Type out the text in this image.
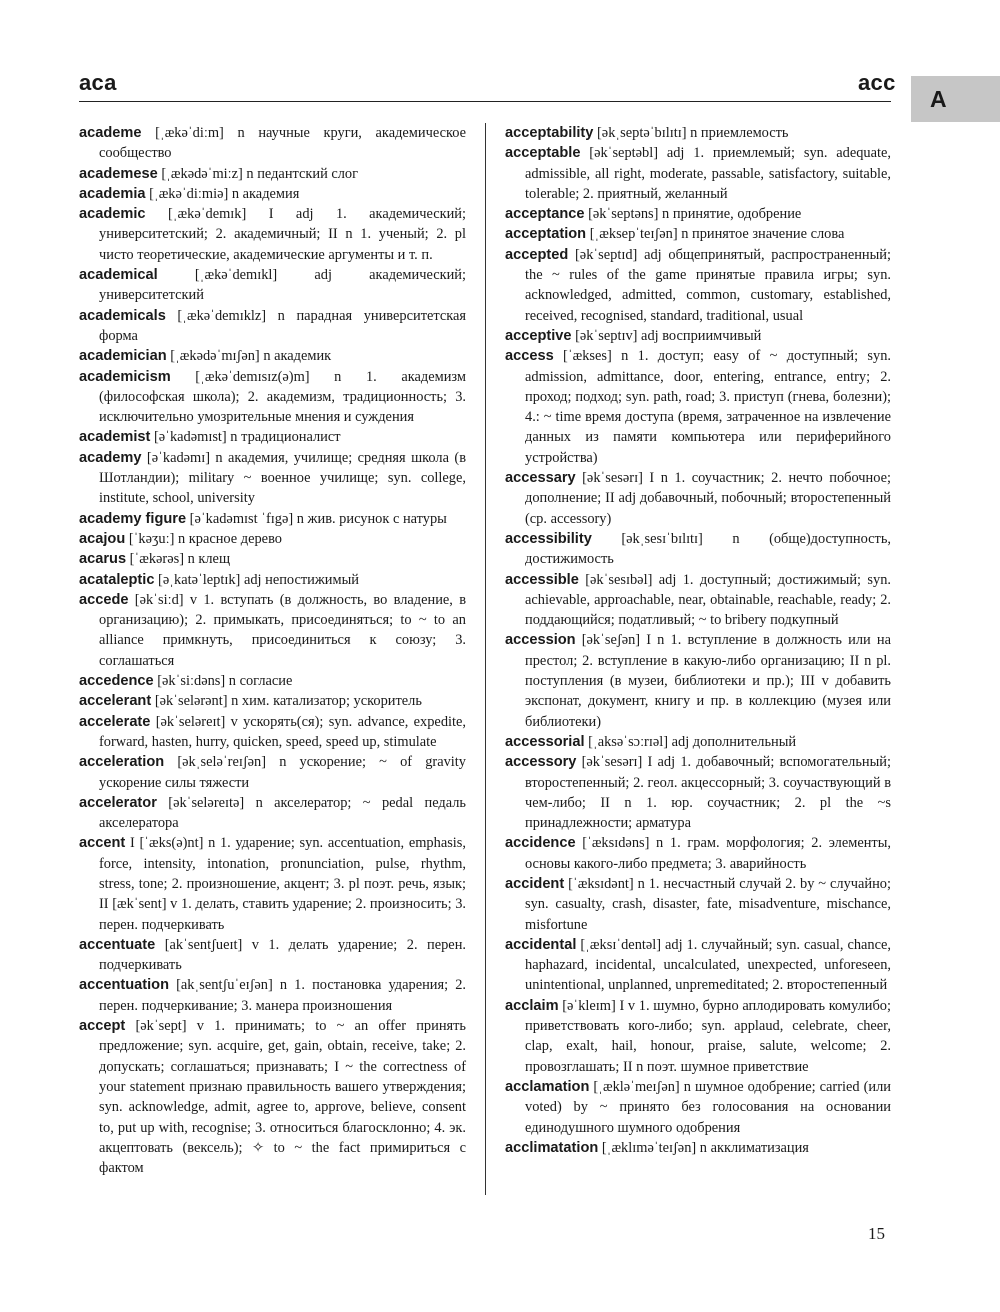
aca	acc
A
academe [ˌækəˈdiːm] n научные круги, академическое сообщество
academese [ˌækədəˈmiːz] n педантский слог
academia [ˌækəˈdiːmiə] n академия
academic [ˌækəˈdemɪk] I adj 1. академический; университетский; 2. академичный; II n 1. ученый; 2. pl чисто теоретические, академические аргументы и т. п.
academical [ˌækəˈdemɪkl] adj академический; университетский
academicals [ˌækəˈdemɪklz] n парадная университетская форма
academician [ˌækədəˈmɪʃən] n академик
academicism [ˌækəˈdemɪsɪz(ə)m] n 1. академизм (философская школа); 2. академизм, традиционность; 3. исключительно умозрительные мнения и суждения
academist [əˈkadəmɪst] n традиционалист
academy [əˈkadəmɪ] n академия, училище; средняя школа (в Шотландии); military ~ военное училище; syn. college, institute, school, university
academy figure [əˈkadəmɪst ˈfɪgə] n жив. рисунок с натуры
acajou [ˈkəʒuː] n красное дерево
acarus [ˈækərəs] n клещ
acataleptic [əˌkatəˈleptɪk] adj непостижимый
accede [əkˈsiːd] v 1. вступать (в должность, во владение, в организацию); 2. примыкать, присоединяться; to ~ to an alliance примкнуть, присоединиться к союзу; 3. соглашаться
accedence [əkˈsiːdəns] n согласие
accelerant [əkˈselərənt] n хим. катализатор; ускоритель
accelerate [əkˈseləreɪt] v ускорять(ся); syn. advance, expedite, forward, hasten, hurry, quicken, speed, speed up, stimulate
acceleration [əkˌseləˈreɪʃən] n ускорение; ~ of gravity ускорение силы тяжести
accelerator [əkˈseləreɪtə] n акселератор; ~ pedal педаль акселератора
accent I [ˈæks(ə)nt] n 1. ударение; syn. accentuation, emphasis, force, intensity, intonation, pronunciation, pulse, rhythm, stress, tone; 2. произношение, акцент; 3. pl поэт. речь, язык; II [ækˈsent] v 1. делать, ставить ударение; 2. произносить; 3. перен. подчеркивать
accentuate [akˈsentʃueɪt] v 1. делать ударение; 2. перен. подчеркивать
accentuation [akˌsentʃuˈeɪʃən] n 1. постановка ударения; 2. перен. подчеркивание; 3. манера произношения
accept [əkˈsept] v 1. принимать; to ~ an offer принять предложение; syn. acquire, get, gain, obtain, receive, take; 2. допускать; соглашаться; признавать; I ~ the correctness of your statement признаю правильность вашего утверждения; syn. acknowledge, admit, agree to, approve, believe, consent to, put up with, recognise; 3. относиться благосклонно; 4. эк. акцептовать (вексель); ✧ to ~ the fact примириться с фактом
acceptability [əkˌseptəˈbɪlɪtɪ] n приемлемость
acceptable [əkˈseptəbl] adj 1. приемлемый; syn. adequate, admissible, all right, moderate, passable, satisfactory, suitable, tolerable; 2. приятный, желанный
acceptance [əkˈseptəns] n принятие, одобрение
acceptation [ˌæksepˈteɪʃən] n принятое значение слова
accepted [əkˈseptɪd] adj общепринятый, распространенный; the ~ rules of the game принятые правила игры; syn. acknowledged, admitted, common, customary, established, received, recognised, standard, traditional, usual
acceptive [əkˈseptɪv] adj восприимчивый
access [ˈækses] n 1. доступ; easy of ~ доступный; syn. admission, admittance, door, entering, entrance, entry; 2. проход; подход; syn. path, road; 3. приступ (гнева, болезни); 4.: ~ time время доступа (время, затраченное на извлечение данных из памяти компьютера или периферийного устройства)
accessary [əkˈsesərɪ] I n 1. соучастник; 2. нечто побочное; дополнение; II adj добавочный, побочный; второстепенный (ср. accessory)
accessibility [əkˌsesɪˈbɪlɪtɪ] n (обще)доступность, достижимость
accessible [əkˈsesɪbəl] adj 1. доступный; достижимый; syn. achievable, approachable, near, obtainable, reachable, ready; 2. поддающийся; податливый; ~ to bribery подкупный
accession [əkˈseʃən] I n 1. вступление в должность или на престол; 2. вступление в какую-либо организацию; II n pl. поступления (в музеи, библиотеки и пр.); III v добавить экспонат, документ, книгу и пр. в коллекцию (музея или библиотеки)
accessorial [ˌaksəˈsɔːrɪəl] adj дополнительный
accessory [əkˈsesərɪ] I adj 1. добавочный; вспомогательный; второстепенный; 2. геол. акцессорный; 3. соучаствующий в чем-либо; II n 1. юр. соучастник; 2. pl the ~s принадлежности; арматура
accidence [ˈæksɪdəns] n 1. грам. морфология; 2. элементы, основы какого-либо предмета; 3. аварийность
accident [ˈæksɪdənt] n 1. несчастный случай 2. by ~ случайно; syn. casualty, crash, disaster, fate, misadventure, mischance, misfortune
accidental [ˌæksɪˈdentəl] adj 1. случайный; syn. casual, chance, haphazard, incidental, uncalculated, unexpected, unforeseen, unintentional, unplanned, unpremeditated; 2. второстепенный
acclaim [əˈkleɪm] I v 1. шумно, бурно аплодировать комулибо; приветствовать кого-либо; syn. applaud, celebrate, cheer, clap, exalt, hail, honour, praise, salute, welcome; 2. провозглашать; II n поэт. шумное приветствие
acclamation [ˌækləˈmeɪʃən] n шумное одобрение; carried (или voted) by ~ принято без голосования на основании единодушного шумного одобрения
acclimatation [ˌæklɪməˈteɪʃən] n акклиматизация
15
